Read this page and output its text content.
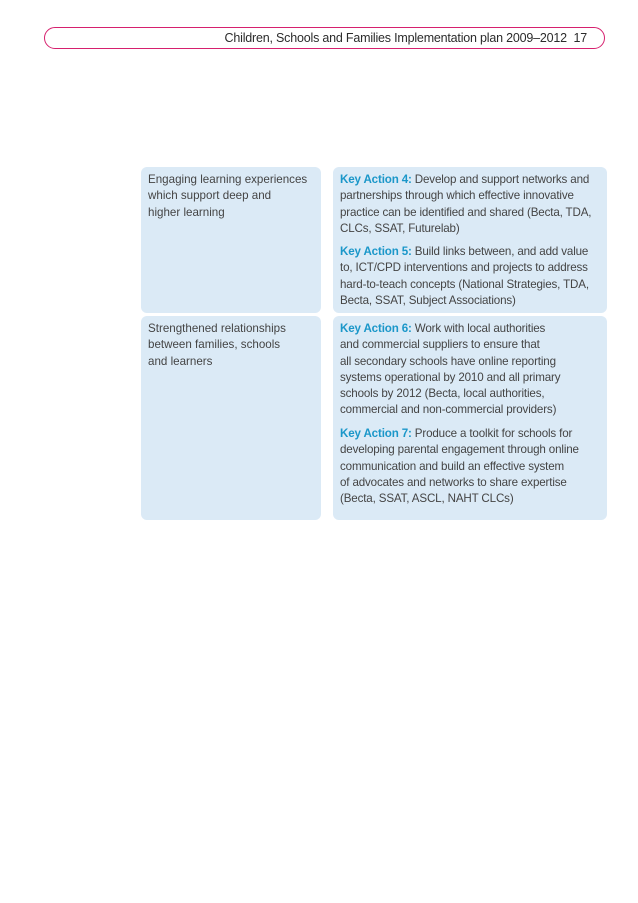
Children, Schools and Families Implementation plan 2009–2012 17
Engaging learning experiences
which support deep and
higher learning
Key Action 4: Develop and support networks and
partnerships through which effective innovative
practice can be identified and shared (Becta, TDA,
CLCs, SSAT, Futurelab)
Key Action 5: Build links between, and add value
to, ICT/CPD interventions and projects to address
hard-to-teach concepts (National Strategies, TDA,
Becta, SSAT, Subject Associations)
Strengthened relationships
between families, schools
and learners
Key Action 6: Work with local authorities
and commercial suppliers to ensure that
all secondary schools have online reporting
systems operational by 2010 and all primary
schools by 2012 (Becta, local authorities,
commercial and non-commercial providers)
Key Action 7: Produce a toolkit for schools for
developing parental engagement through online
communication and build an effective system
of advocates and networks to share expertise
(Becta, SSAT, ASCL, NAHT CLCs)
